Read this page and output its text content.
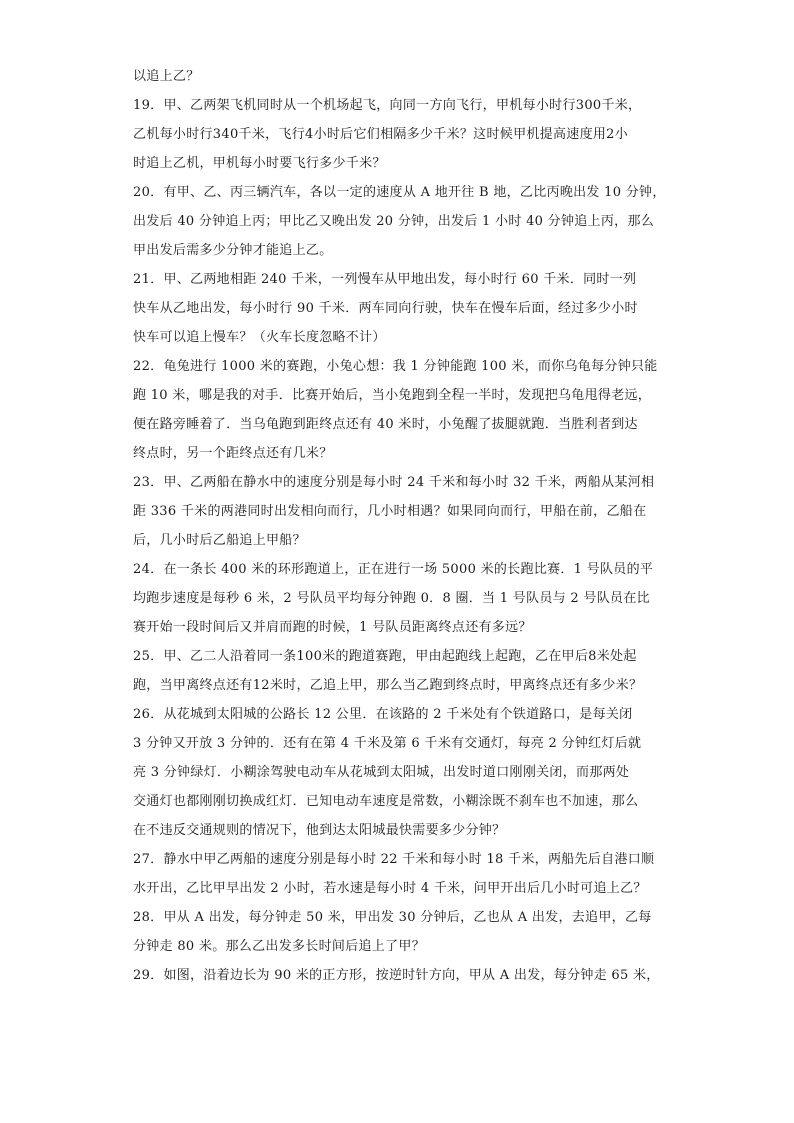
以追上乙？
19．甲、乙两架飞机同时从一个机场起飞，向同一方向飞行，甲机每小时行300千米，
乙机每小时行340千米，飞行4小时后它们相隔多少千米？这时候甲机提高速度用2小
时追上乙机，甲机每小时要飞行多少千米？
20．有甲、乙、丙三辆汽车，各以一定的速度从 A 地开往 B 地，乙比丙晚出发 10 分钟，
出发后 40 分钟追上丙；甲比乙又晚出发 20 分钟，出发后 1 小时 40 分钟追上丙，那么
甲出发后需多少分钟才能追上乙。
21．甲、乙两地相距 240 千米，一列慢车从甲地出发，每小时行 60 千米．同时一列
快车从乙地出发，每小时行 90 千米．两车同向行驶，快车在慢车后面，经过多少小时
快车可以追上慢车？（火车长度忽略不计）
22．龟兔进行 1000 米的赛跑，小兔心想：我 1 分钟能跑 100 米，而你乌龟每分钟只能
跑 10 米，哪是我的对手．比赛开始后，当小兔跑到全程一半时，发现把乌龟甩得老远，
便在路旁睡着了．当乌龟跑到距终点还有 40 米时，小兔醒了拔腿就跑．当胜利者到达
终点时，另一个距终点还有几米？
23．甲、乙两船在静水中的速度分别是每小时 24 千米和每小时 32 千米，两船从某河相
距 336 千米的两港同时出发相向而行，几小时相遇？如果同向而行，甲船在前，乙船在
后，几小时后乙船追上甲船？
24．在一条长 400 米的环形跑道上，正在进行一场 5000 米的长跑比赛．1 号队员的平
均跑步速度是每秒 6 米，2 号队员平均每分钟跑 0．8 圈．当 1 号队员与 2 号队员在比
赛开始一段时间后又并肩而跑的时候，1 号队员距离终点还有多远？
25．甲、乙二人沿着同一条100米的跑道赛跑，甲由起跑线上起跑，乙在甲后8米处起
跑，当甲离终点还有12米时，乙追上甲，那么当乙跑到终点时，甲离终点还有多少米？
26．从花城到太阳城的公路长 12 公里．在该路的 2 千米处有个铁道路口，是每关闭
3 分钟又开放 3 分钟的．还有在第 4 千米及第 6 千米有交通灯，每亮 2 分钟红灯后就
亮 3 分钟绿灯．小糊涂驾驶电动车从花城到太阳城，出发时道口刚刚关闭，而那两处
交通灯也都刚刚切换成红灯．已知电动车速度是常数，小糊涂既不刹车也不加速，那么
在不违反交通规则的情况下，他到达太阳城最快需要多少分钟？
27．静水中甲乙两船的速度分别是每小时 22 千米和每小时 18 千米，两船先后自港口顺
水开出，乙比甲早出发 2 小时，若水速是每小时 4 千米，问甲开出后几小时可追上乙？
28．甲从 A 出发，每分钟走 50 米，甲出发 30 分钟后，乙也从 A 出发，去追甲，乙每
分钟走 80 米。那么乙出发多长时间后追上了甲？
29．如图，沿着边长为 90 米的正方形，按逆时针方向，甲从 A 出发，每分钟走 65 米，
